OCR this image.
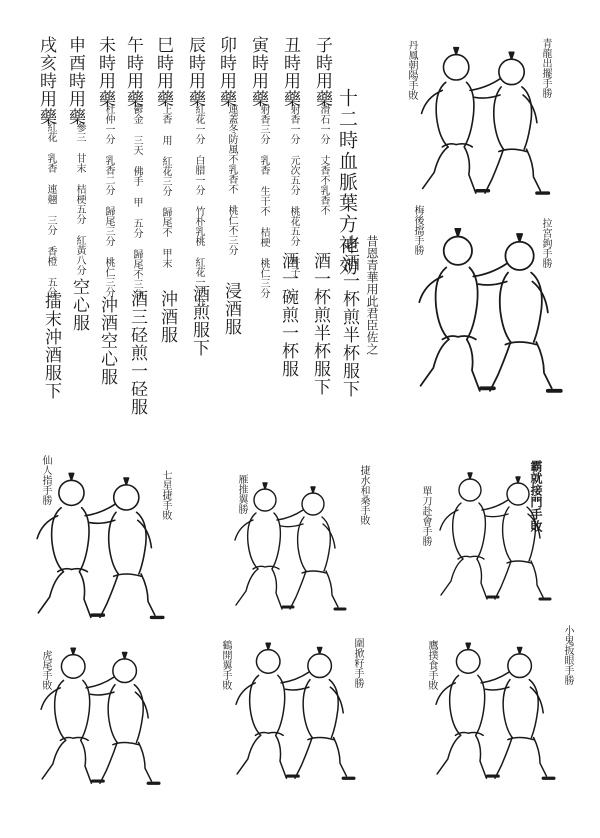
十二時血脈葉方神効
昔恩青華用此君臣佐之
子時用藥
滑石一分 丈香不乳香不
老酒一杯煎半杯服下
丑時用藥
射香一分 元次五分 桃花五分 杵子
酒一杯煎半杯服下
寅時用藥
射香三分 乳香 生干不 桔梗 桃仁三分
酒一碗煎一杯服
卯時用藥
連蓋冬防風不乳香不 桃仁不三分
浸酒服
辰時用藥
紅花一分 白腊一分 竹朴乳桃 紅花一三分
酒煎服下
巳時用藥
上香 用 紅花三分 歸尾不 甲末
沖酒服
午時用藥
鬱金 三天 佛手 甲 五分 歸尾不三分
酒三硁煎一硁服
未時用藥
杜仲一分 乳香二分 歸尾三分 桃仁三分
沖酒空心服
申酉時用藥
參三 甘末 桔梗五分 紅黃八分
空心服
戌亥時用藥
紅花 乳香 連翹 三分 香橙 五分
擂末沖酒服下
青龍出擺手勝
丹鳳朝陽手敗
拉宮鉤手勝
梅後擋手勝
七星捷手敗
仙人指手勝	捷水和桑手敗
雁推翼勝	霸就接門手敗
單刀赴會手勝
虎尾手敗	圍掀籽手勝
鶴開翼手敗	小鬼扳眼手勝
鷹撲食手敗
